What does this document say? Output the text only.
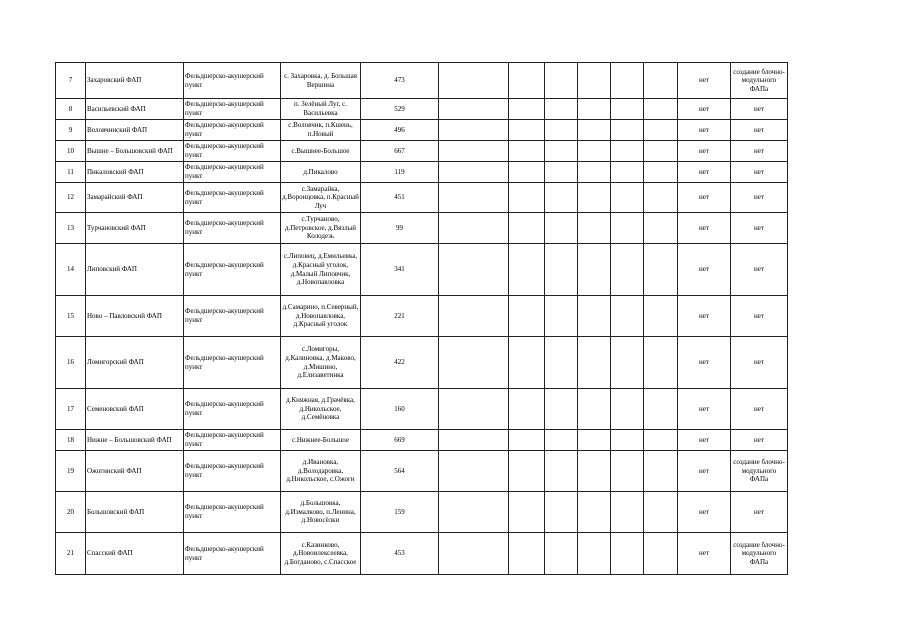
7	Захаровский ФАП	Фельдшерско-акушерский пункт	с. Захаровка, д. Большая Вершина	473							нет	создание блочно-модульного ФАПа
8	Васильевский ФАП	Фельдшерско-акушерский пункт	п. Зелёный Луг, с. Васильевка	529							нет	нет
9	Воловчинский ФАП	Фельдшерско-акушерский пункт	с.Воловчик, п.Кшень, п.Новый	496							нет	нет
10	Вышне – Большовский ФАП	Фельдшерско-акушерский пункт	с.Вышнее-Большое	667							нет	нет
11	Пикаловский ФАП	Фельдшерско-акушерский пункт	д.Пикалово	119							нет	нет
12	Замарайский ФАП	Фельдшерско-акушерский пункт	с.Замарайка, д.Воронцовка, п.Красный Луч	451							нет	нет
13	Турчановский ФАП	Фельдшерско-акушерский пункт	с.Турчаново, д.Петровское, д.Вязлый Колодезь	99							нет	нет
14	Липовский ФАП	Фельдшерско-акушерский пункт	с.Липовец, д.Емильевка, д.Красный уголок, д.Малый Липовчик, д.Новопавловка	341							нет	нет
15	Ново – Павловский ФАП	Фельдшерско-акушерский пункт	д.Самарино, п.Северный, д.Новопавловка, д.Красный уголок	221							нет	нет
16	Ломигорский ФАП	Фельдшерско-акушерский пункт	с.Ломигоры, д.Калиновка, д.Маково, д.Мишино, д.Елизаветинка	422							нет	нет
17	Семеновский ФАП	Фельдшерско-акушерский пункт	д.Княжная, д.Грачёвка, д.Никольское, д.Семёновка	160							нет	нет
18	Нижне – Большовский ФАП	Фельдшерско-акушерский пункт	с.Нижнее-Большое	669							нет	нет
19	Ожогинский ФАП	Фельдшерско-акушерский пункт	д.Ивановка, д.Володаровка, д.Никольское, с.Ожоги	564							нет	создание блочно-модульного ФАПа
20	Большовский ФАП	Фельдшерско-акушерский пункт	д.Большовка, д.Измалково, п.Ленина, д.Новосёлки	159							нет	нет
21	Спасский ФАП	Фельдшерско-акушерский пункт	с.Казинково, д.Новоилексеевка, д.Богданово, с.Спасское	453							нет	создание блочно-модульного ФАПа
